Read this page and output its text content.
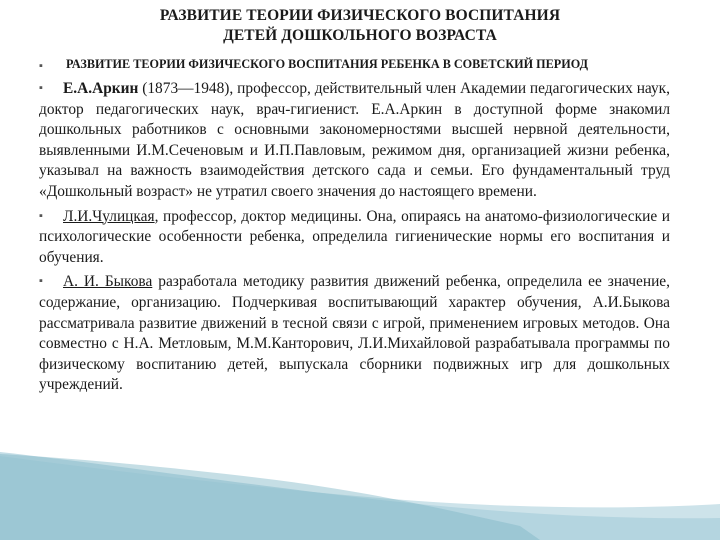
РАЗВИТИЕ ТЕОРИИ ФИЗИЧЕСКОГО ВОСПИТАНИЯ
ДЕТЕЙ ДОШКОЛЬНОГО ВОЗРАСТА

▪	РАЗВИТИЕ ТЕОРИИ ФИЗИЧЕСКОГО ВОСПИТАНИЯ РЕБЕНКА В СОВЕТСКИЙ ПЕРИОД

▪ Е.А.Аркин (1873—1948), профессор, действительный член Академии педагогических наук, доктор педагогических наук, врач-гигиенист. Е.А.Аркин в доступной форме знакомил дошкольных работников с основными закономерностями высшей нервной деятельности, выявленными И.М.Сеченовым и И.П.Павловым, режимом дня, организацией жизни ребенка, указывал на важность взаимодействия детского сада и семьи. Его фундаментальный труд «Дошкольный возраст» не утратил своего значения до настоящего времени.

▪ Л.И.Чулицкая, профессор, доктор медицины. Она, опираясь на анатомо-физиологические и психологические особенности ребенка, определила гигиенические нормы его воспитания и обучения.

▪ А. И. Быкова разработала методику развития движений ребенка, определила ее значение, содержание, организацию. Подчеркивая воспитывающий характер обучения, А.И.Быкова рассматривала развитие движений в тесной связи с игрой, применением игровых методов. Она совместно с Н.А. Метловым, М.М.Канторович, Л.И.Михайловой разрабатывала программы по физическому воспитанию детей, выпускала сборники подвижных игр для дошкольных учреждений.
